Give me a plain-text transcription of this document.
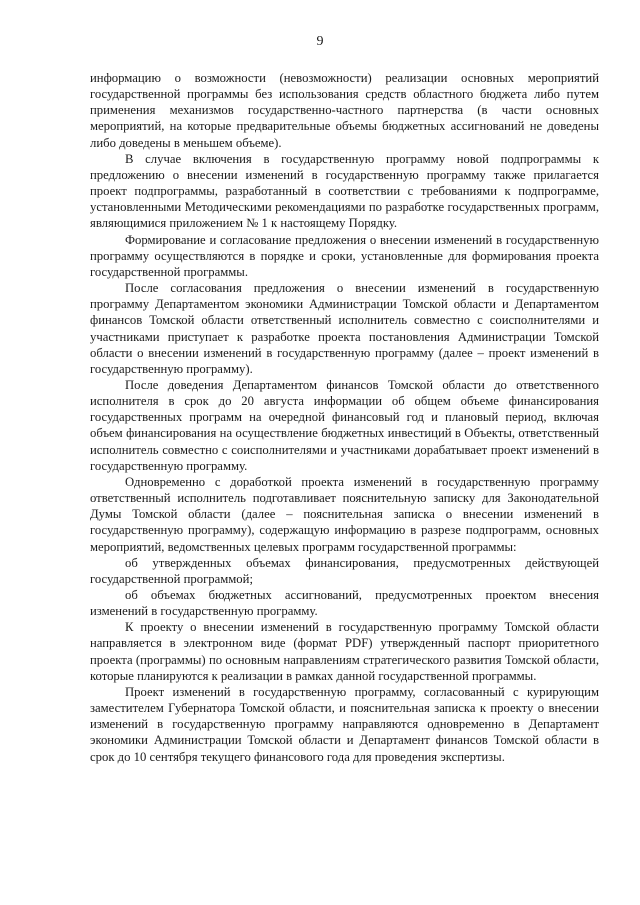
9

информацию о возможности (невозможности) реализации основных мероприятий государственной программы без использования средств областного бюджета либо путем применения механизмов государственно-частного партнерства (в части основных мероприятий, на которые предварительные объемы бюджетных ассигнований не доведены либо доведены в меньшем объеме).

В случае включения в государственную программу новой подпрограммы к предложению о внесении изменений в государственную программу также прилагается проект подпрограммы, разработанный в соответствии с требованиями к подпрограмме, установленными Методическими рекомендациями по разработке государственных программ, являющимися приложением № 1 к настоящему Порядку.

Формирование и согласование предложения о внесении изменений в государственную программу осуществляются в порядке и сроки, установленные для формирования проекта государственной программы.

После согласования предложения о внесении изменений в государственную программу Департаментом экономики Администрации Томской области и Департаментом финансов Томской области ответственный исполнитель совместно с соисполнителями и участниками приступает к разработке проекта постановления Администрации Томской области о внесении изменений в государственную программу (далее – проект изменений в государственную программу).

После доведения Департаментом финансов Томской области до ответственного исполнителя в срок до 20 августа информации об общем объеме финансирования государственных программ на очередной финансовый год и плановый период, включая объем финансирования на осуществление бюджетных инвестиций в Объекты, ответственный исполнитель совместно с соисполнителями и участниками дорабатывает проект изменений в государственную программу.

Одновременно с доработкой проекта изменений в государственную программу ответственный исполнитель подготавливает пояснительную записку для Законодательной Думы Томской области (далее – пояснительная записка о внесении изменений в государственную программу), содержащую информацию в разрезе подпрограмм, основных мероприятий, ведомственных целевых программ государственной программы:

об утвержденных объемах финансирования, предусмотренных действующей государственной программой;

об объемах бюджетных ассигнований, предусмотренных проектом внесения изменений в государственную программу.

К проекту о внесении изменений в государственную программу Томской области направляется в электронном виде (формат PDF) утвержденный паспорт приоритетного проекта (программы) по основным направлениям стратегического развития Томской области, которые планируются к реализации в рамках данной государственной программы.

Проект изменений в государственную программу, согласованный с курирующим заместителем Губернатора Томской области, и пояснительная записка к проекту о внесении изменений в государственную программу направляются одновременно в Департамент экономики Администрации Томской области и Департамент финансов Томской области в срок до 10 сентября текущего финансового года для проведения экспертизы.
